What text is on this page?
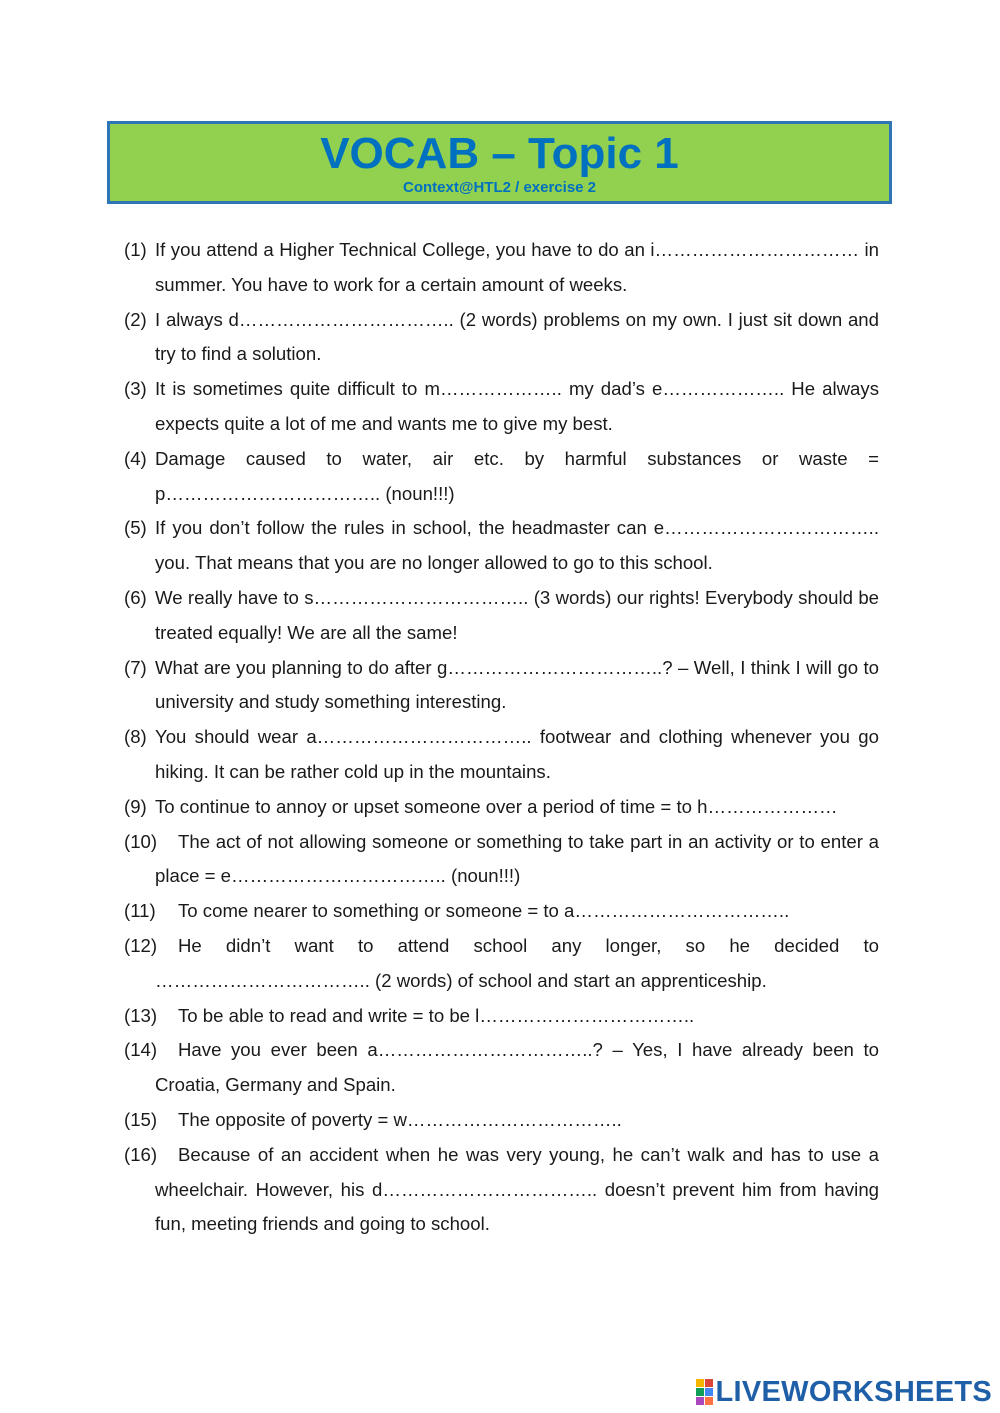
VOCAB – Topic 1
Context@HTL2 / exercise 2
(1) If you attend a Higher Technical College, you have to do an i…………………………… in summer. You have to work for a certain amount of weeks.
(2) I always d…………………………….. (2 words) problems on my own. I just sit down and try to find a solution.
(3) It is sometimes quite difficult to m……………….. my dad’s e……………….. He always expects quite a lot of me and wants me to give my best.
(4) Damage caused to water, air etc. by harmful substances or waste = p…………………………….. (noun!!!)
(5) If you don’t follow the rules in school, the headmaster can e…………………………….. you. That means that you are no longer allowed to go to this school.
(6) We really have to s…………………………….. (3 words) our rights! Everybody should be treated equally! We are all the same!
(7) What are you planning to do after g……………………………..? – Well, I think I will go to university and study something interesting.
(8) You should wear a…………………………….. footwear and clothing whenever you go hiking. It can be rather cold up in the mountains.
(9) To continue to annoy or upset someone over a period of time = to h…………………
(10)	The act of not allowing someone or something to take part in an activity or to enter a place = e…………………………….. (noun!!!)
(11)	To come nearer to something or someone = to a……………………………..
(12)	He didn’t want to attend school any longer, so he decided to …………………………….. (2 words) of school and start an apprenticeship.
(13)	To be able to read and write = to be l……………………………..
(14)	Have you ever been a……………………………..? – Yes, I have already been to Croatia, Germany and Spain.
(15)	The opposite of poverty = w……………………………..
(16)	Because of an accident when he was very young, he can’t walk and has to use a wheelchair. However, his d…………………………….. doesn’t prevent him from having fun, meeting friends and going to school.
LIVEWORKSHEETS
